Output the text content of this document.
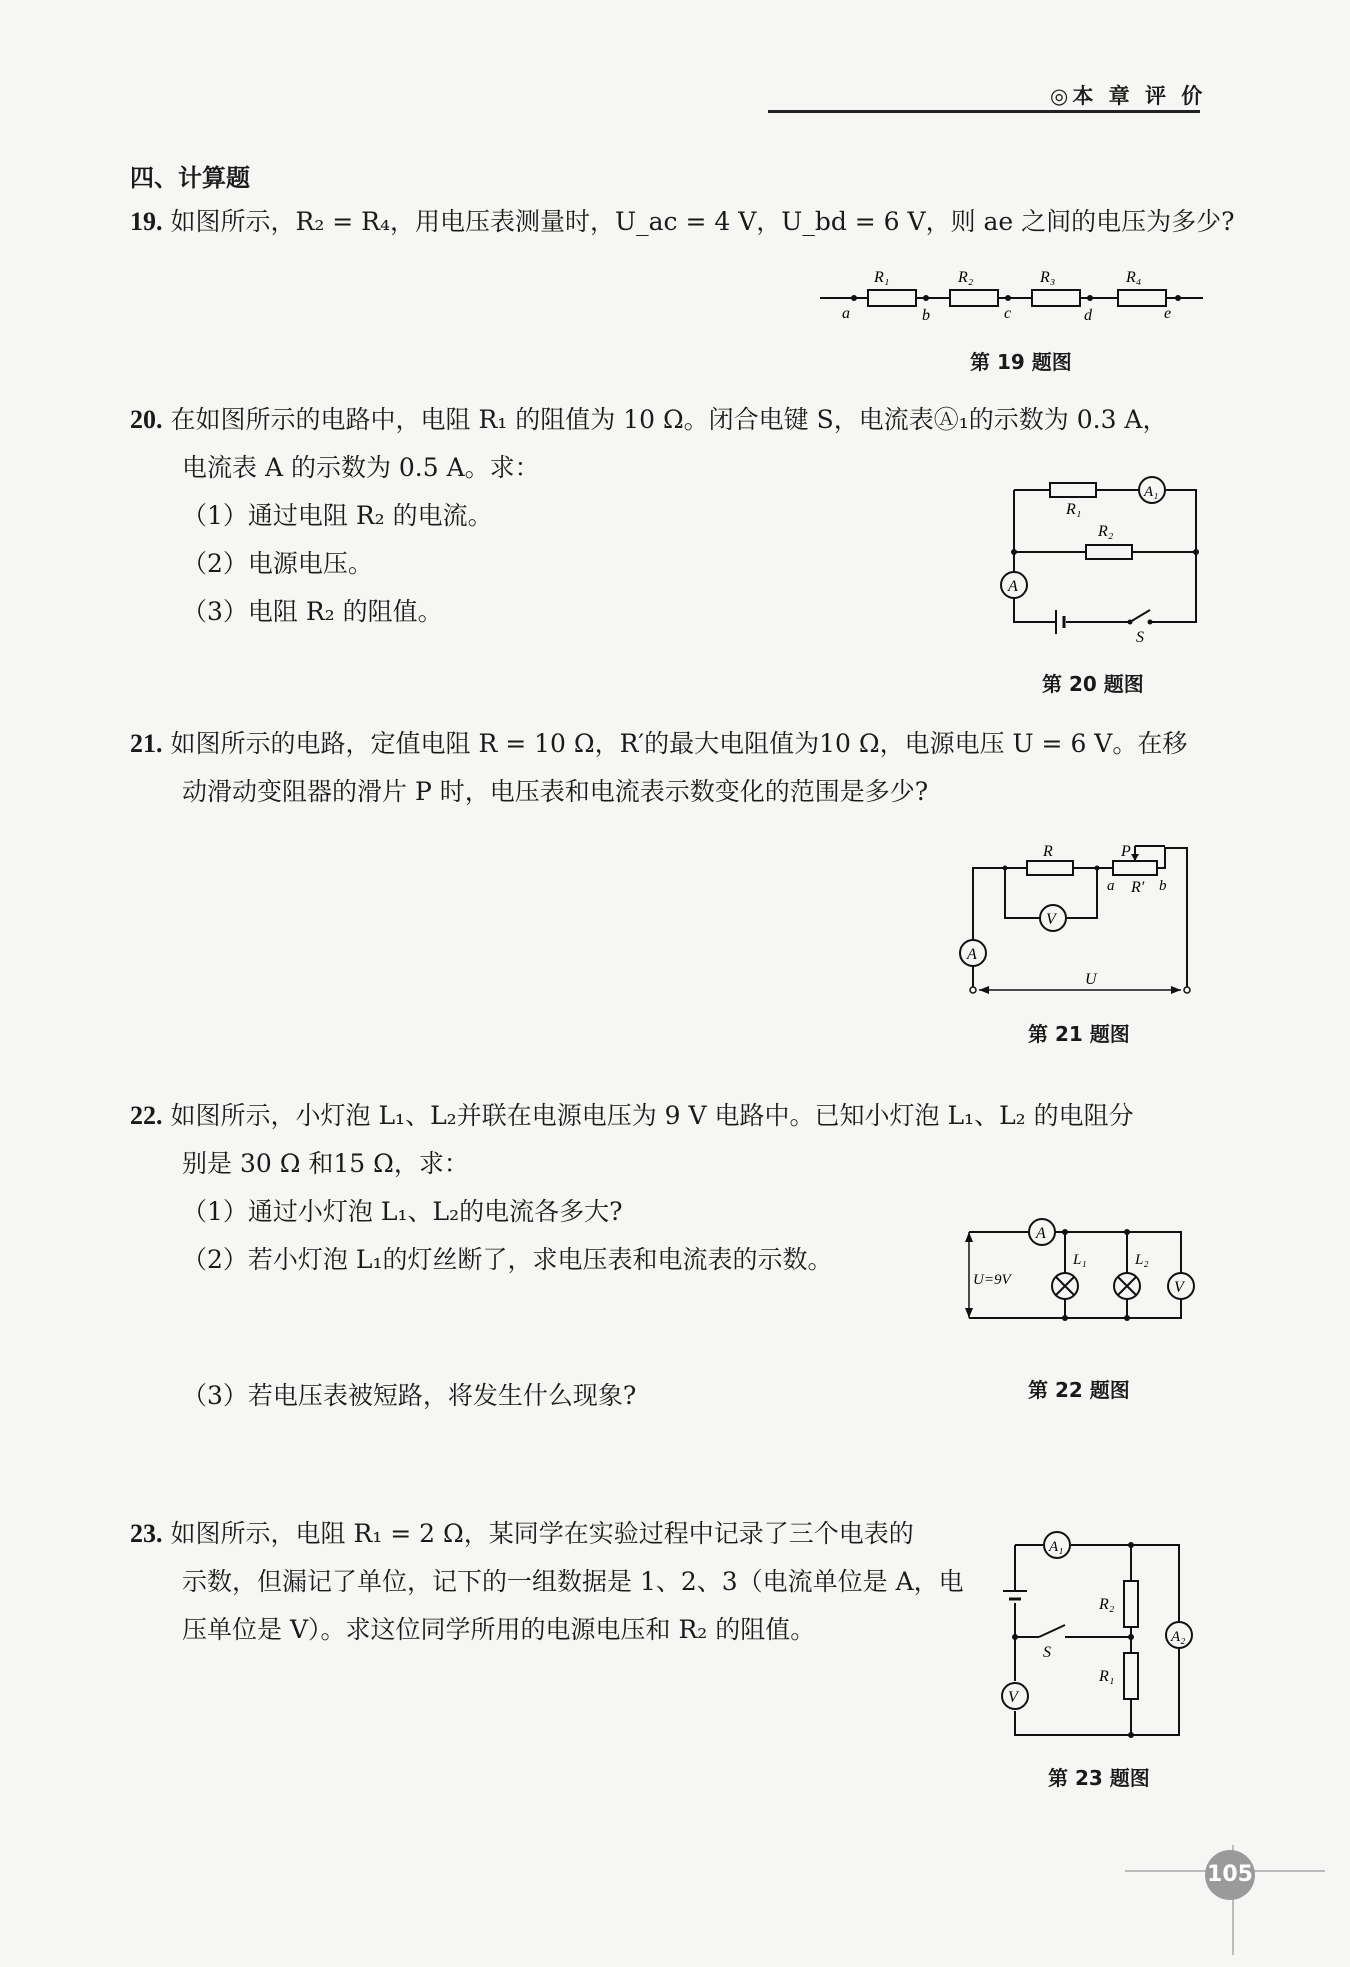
◎本 章 评 价
四、计算题
19. 如图所示，R₂ = R₄，用电压表测量时，U_ac = 4 V，U_bd = 6 V，则 ae 之间的电压为多少?
R₁	R₂	R₃	R₄
a	b	c	d	e
第 19 题图
20. 在如图所示的电路中，电阻 R₁ 的阻值为 10 Ω。闭合电键 S，电流表Ⓐ₁的示数为 0.3 A，
电流表 A 的示数为 0.5 A。求：
（1）通过电阻 R₂ 的电流。
（2）电源电压。
（3）电阻 R₂ 的阻值。
A₁
R₁
R₂
A
S
第 20 题图
21. 如图所示的电路，定值电阻 R = 10 Ω，R′的最大电阻值为10 Ω，电源电压 U = 6 V。在移
动滑动变阻器的滑片 P 时，电压表和电流表示数变化的范围是多少?
V
A
R	P
a R′ b
U
第 21 题图
22. 如图所示，小灯泡 L₁、L₂并联在电源电压为 9 V 电路中。已知小灯泡 L₁、L₂ 的电阻分
别是 30 Ω 和15 Ω，求：
（1）通过小灯泡 L₁、L₂的电流各多大?
（2）若小灯泡 L₁的灯丝断了，求电压表和电流表的示数。
（3）若电压表被短路，将发生什么现象?
A
V
L₁	L₂
U=9V
第 22 题图
23. 如图所示，电阻 R₁ = 2 Ω，某同学在实验过程中记录了三个电表的
示数，但漏记了单位，记下的一组数据是 1、2、3（电流单位是 A，电
压单位是 V）。求这位同学所用的电源电压和 R₂ 的阻值。
A₁
A₂
V
R₂
S
R₁
第 23 题图
105
